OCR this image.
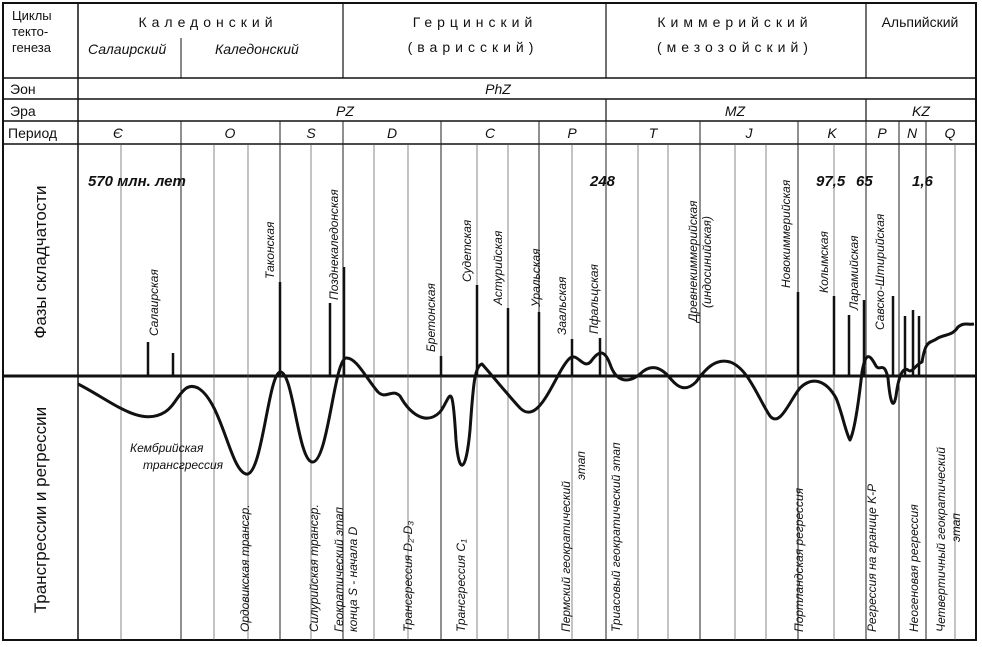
Циклы
текто-
генеза
Каледонский
Салаирский	Каледонский
Герцинский
(варисский)
Киммерийский
(мезозойский)
Альпийский
Эон	PhZ
Эра	PZ	MZ	KZ
Период	Є	O	S	D	C	P	T	J	K	P N Q
Фазы складчатости
Трансгрессии и регрессии
570 млн. лет	248	97,5 65	1,6
Салаирская
Таконская	Позднекаледонская
Бретонская
Судетская Астурийская Уральская Заальская Пфальцская	Древнекиммерийская (индосинийская)	Новокиммерийская Колымская Ларамийская Савско-Штирийская
Кембрийская
трансгрессия
Ордовикская трансгр.	Силурийская трансгр. Геократический этап конца S - начала D	Трансгрессия D₂-D₃	Трансгрессия C₁	Пермский геократический
этап Триасовый геократический этап	Портландская регрессия	Регрессия на границе K-P Неогеновая регрессия Четвертичный геократический этап
